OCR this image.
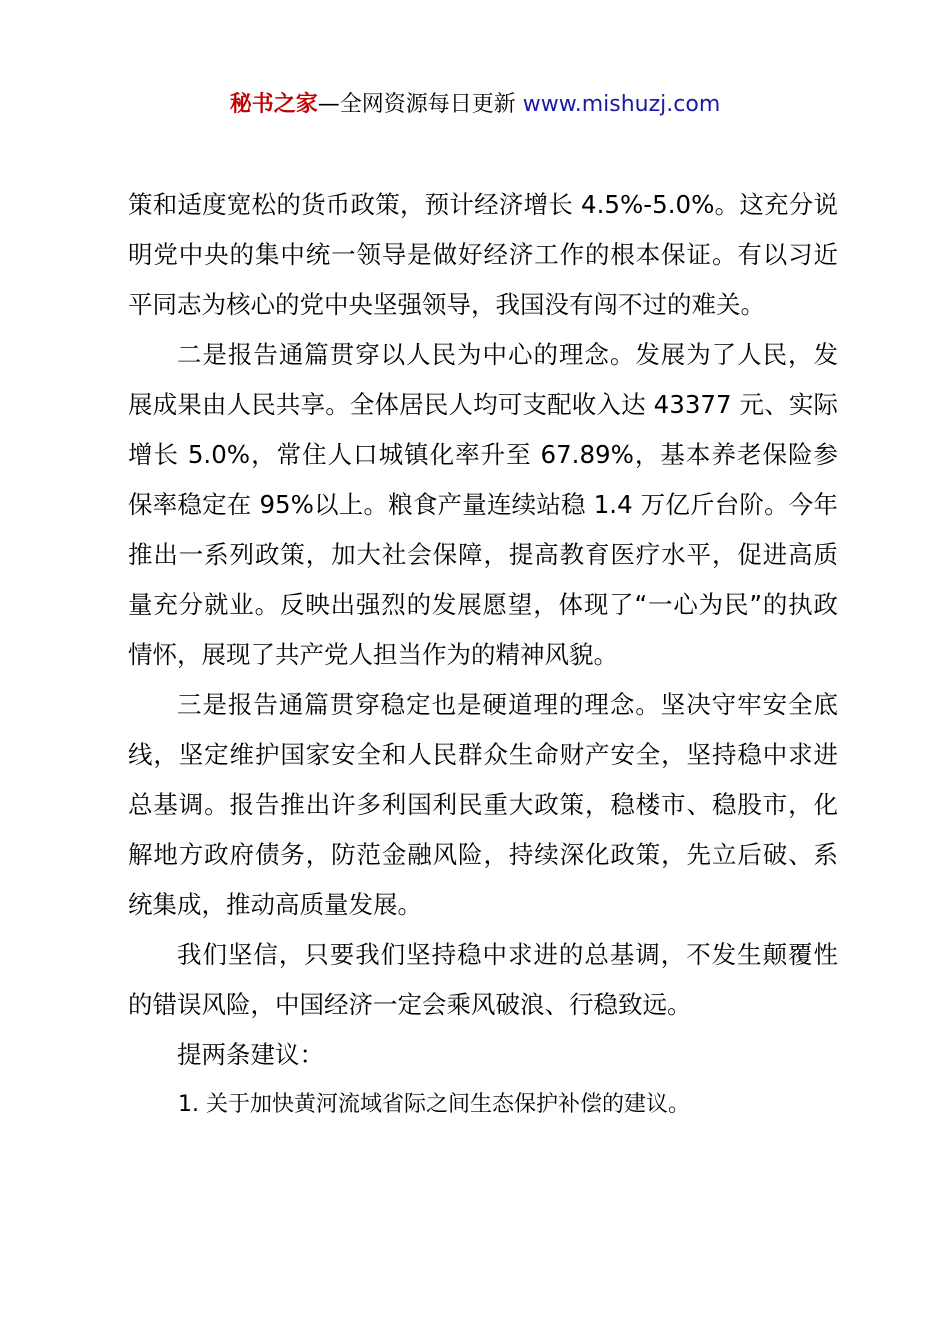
秘书之家—全网资源每日更新 www.mishuzj.com

策和适度宽松的货币政策，预计经济增长 4.5%-5.0%。这充分说明党中央的集中统一领导是做好经济工作的根本保证。有以习近平同志为核心的党中央坚强领导，我国没有闯不过的难关。

二是报告通篇贯穿以人民为中心的理念。发展为了人民，发展成果由人民共享。全体居民人均可支配收入达 43377 元、实际增长 5.0%，常住人口城镇化率升至 67.89%，基本养老保险参保率稳定在 95%以上。粮食产量连续站稳 1.4 万亿斤台阶。今年推出一系列政策，加大社会保障，提高教育医疗水平，促进高质量充分就业。反映出强烈的发展愿望，体现了“一心为民”的执政情怀，展现了共产党人担当作为的精神风貌。

三是报告通篇贯穿稳定也是硬道理的理念。坚决守牢安全底线，坚定维护国家安全和人民群众生命财产安全，坚持稳中求进总基调。报告推出许多利国利民重大政策，稳楼市、稳股市，化解地方政府债务，防范金融风险，持续深化政策，先立后破、系统集成，推动高质量发展。

我们坚信，只要我们坚持稳中求进的总基调，不发生颠覆性的错误风险，中国经济一定会乘风破浪、行稳致远。

提两条建议：

1. 关于加快黄河流域省际之间生态保护补偿的建议。
